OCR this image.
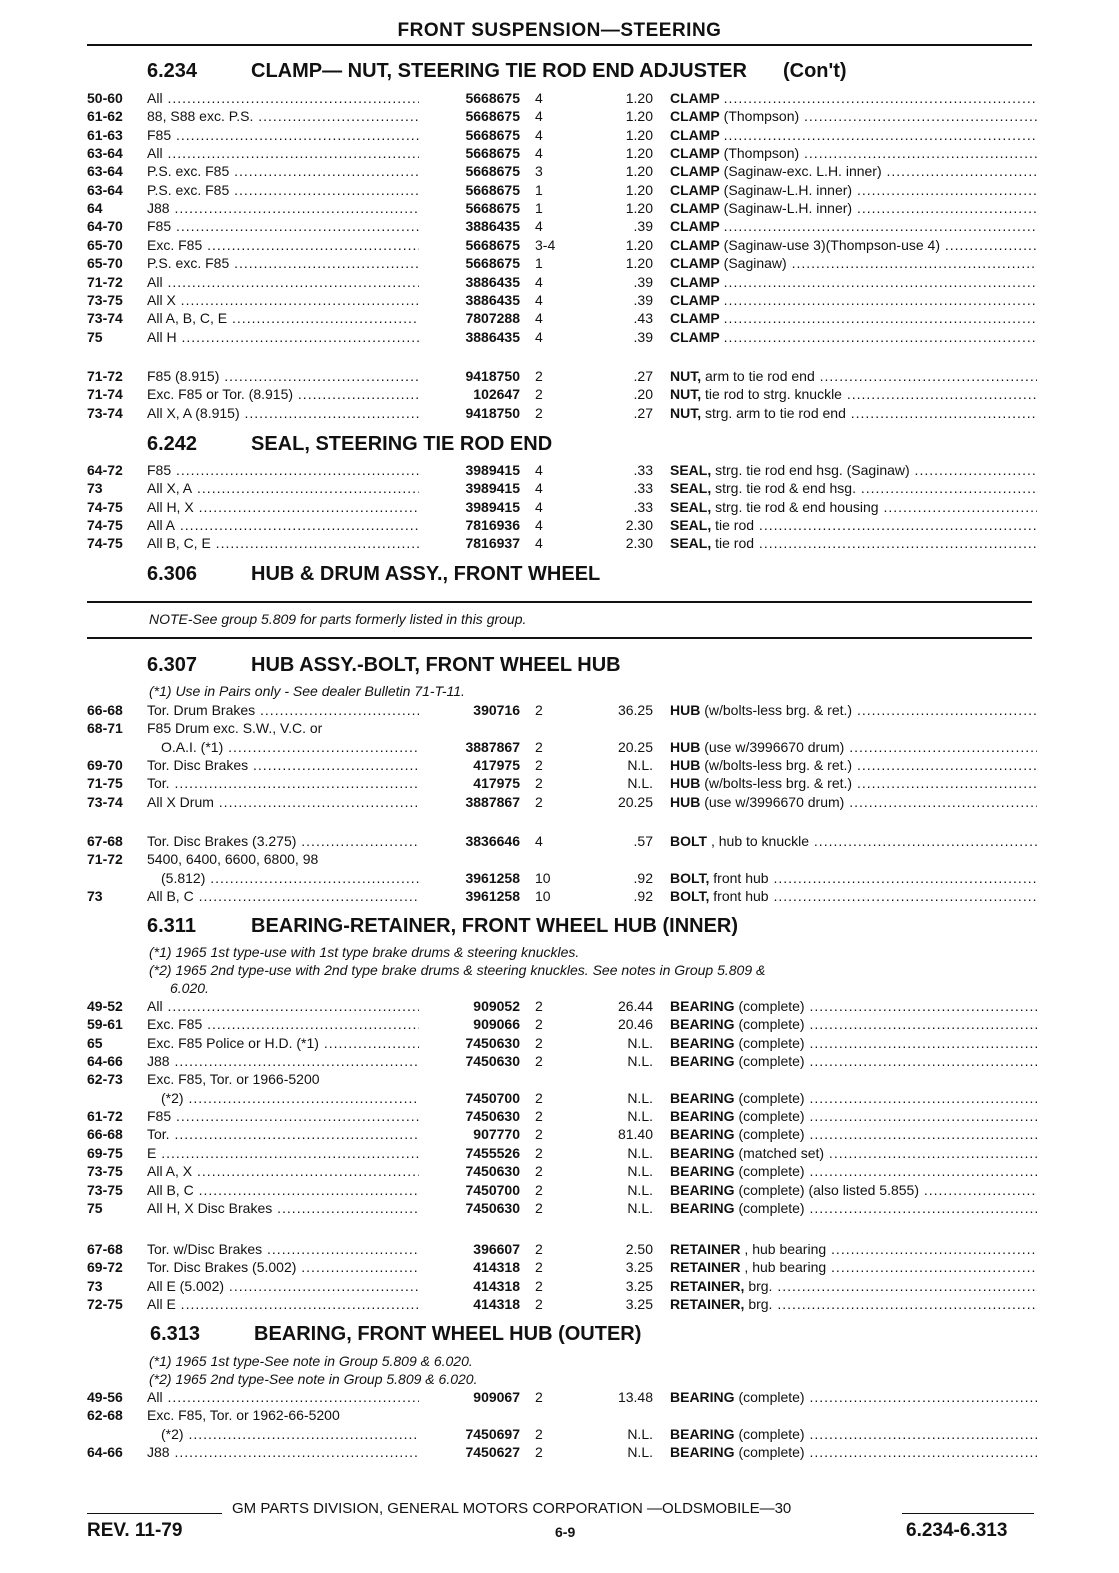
FRONT SUSPENSION—STEERING
6.234	CLAMP— NUT, STEERING TIE ROD END ADJUSTER (Con't)
50-60	All .....	5668675 4	1.20 CLAMP .....
61-62	88, S88 exc. P.S. .....	5668675 4	1.20 CLAMP (Thompson) .....
61-63	F85 .....	5668675 4	1.20 CLAMP .....
63-64	All .....	5668675 4	1.20 CLAMP (Thompson) .....
63-64	P.S. exc. F85 .....	5668675 3	1.20 CLAMP (Saginaw-exc. L.H. inner) .....
63-64	P.S. exc. F85 .....	5668675 1	1.20 CLAMP (Saginaw-L.H. inner) .....
64	J88 .....	5668675 1	1.20 CLAMP (Saginaw-L.H. inner) .....
64-70	F85 .....	3886435 4	.39 CLAMP .....
65-70	Exc. F85 .....	5668675 3-4	1.20 CLAMP (Saginaw-use 3)(Thompson-use 4) .....
65-70	P.S. exc. F85 .....	5668675 1	1.20 CLAMP (Saginaw) .....
71-72	All .....	3886435 4	.39 CLAMP .....
73-75	All X .....	3886435 4	.39 CLAMP .....
73-74	All A, B, C, E .....	7807288 4	.43 CLAMP .....
75	All H .....	3886435 4	.39 CLAMP .....
71-72	F85 (8.915) .....	9418750 2	.27 NUT, arm to tie rod end .....
71-74	Exc. F85 or Tor. (8.915) .....	102647 2	.20 NUT, tie rod to strg. knuckle .....
73-74	All X, A (8.915) .....	9418750 2	.27 NUT, strg. arm to tie rod end .....
6.242	SEAL, STEERING TIE ROD END
64-72	F85 .....	3989415 4	.33 SEAL, strg. tie rod end hsg. (Saginaw) .....
73	All X, A .....	3989415 4	.33 SEAL, strg. tie rod & end hsg. .....
74-75	All H, X .....	3989415 4	.33 SEAL, strg. tie rod & end housing .....
74-75	All A .....	7816936 4	2.30 SEAL, tie rod .....
74-75	All B, C, E .....	7816937 4	2.30 SEAL, tie rod .....
6.306	HUB & DRUM ASSY., FRONT WHEEL
NOTE-See group 5.809 for parts formerly listed in this group.
6.307	HUB ASSY.-BOLT, FRONT WHEEL HUB
(*1) Use in Pairs only - See dealer Bulletin 71-T-11.
66-68	Tor. Drum Brakes .....	390716 2	36.25 HUB (w/bolts-less brg. & ret.) .....
68-71	F85 Drum exc. S.W., V.C. or
O.A.I. (*1) .....	3887867 2	20.25 HUB (use w/3996670 drum) .....
69-70	Tor. Disc Brakes .....	417975 2	N.L. HUB (w/bolts-less brg. & ret.) .....
71-75	Tor. .....	417975 2	N.L. HUB (w/bolts-less brg. & ret.) .....
73-74	All X Drum .....	3887867 2	20.25 HUB (use w/3996670 drum) .....
67-68	Tor. Disc Brakes (3.275) .....	3836646 4	.57 BOLT , hub to knuckle .....
71-72	5400, 6400, 6600, 6800, 98
(5.812) .....	3961258 10	.92 BOLT, front hub .....
73	All B, C .....	3961258 10	.92 BOLT, front hub .....
6.311	BEARING-RETAINER, FRONT WHEEL HUB (INNER)
(*1) 1965 1st type-use with 1st type brake drums & steering knuckles.
(*2) 1965 2nd type-use with 2nd type brake drums & steering knuckles. See notes in Group 5.809 &
6.020.
49-52	All .....	909052 2	26.44 BEARING (complete) .....
59-61	Exc. F85 .....	909066 2	20.46 BEARING (complete) .....
65	Exc. F85 Police or H.D. (*1) .....	7450630 2	N.L. BEARING (complete) .....
64-66	J88 .....	7450630 2	N.L. BEARING (complete) .....
62-73	Exc. F85, Tor. or 1966-5200
(*2) .....	7450700 2	N.L. BEARING (complete) .....
61-72	F85 .....	7450630 2	N.L. BEARING (complete) .....
66-68	Tor. .....	907770 2	81.40 BEARING (complete) .....
69-75	E .....	7455526 2	N.L. BEARING (matched set) .....
73-75	All A, X .....	7450630 2	N.L. BEARING (complete) .....
73-75	All B, C .....	7450700 2	N.L. BEARING (complete) (also listed 5.855) .....
75	All H, X Disc Brakes .....	7450630 2	N.L. BEARING (complete) .....
67-68	Tor. w/Disc Brakes .....	396607 2	2.50 RETAINER , hub bearing .....
69-72	Tor. Disc Brakes (5.002) .....	414318 2	3.25 RETAINER , hub bearing .....
73	All E (5.002) .....	414318 2	3.25 RETAINER, brg. .....
72-75	All E .....	414318 2	3.25 RETAINER, brg. .....
6.313	BEARING, FRONT WHEEL HUB (OUTER)
(*1) 1965 1st type-See note in Group 5.809 & 6.020.
(*2) 1965 2nd type-See note in Group 5.809 & 6.020.
49-56	All .....	909067 2	13.48 BEARING (complete) .....
62-68	Exc. F85, Tor. or 1962-66-5200
(*2) .....	7450697 2	N.L. BEARING (complete) .....
64-66	J88 .....	7450627 2	N.L. BEARING (complete) .....
GM PARTS DIVISION, GENERAL MOTORS CORPORATION —OLDSMOBILE—30
REV. 11-79	6-9	6.234-6.313
